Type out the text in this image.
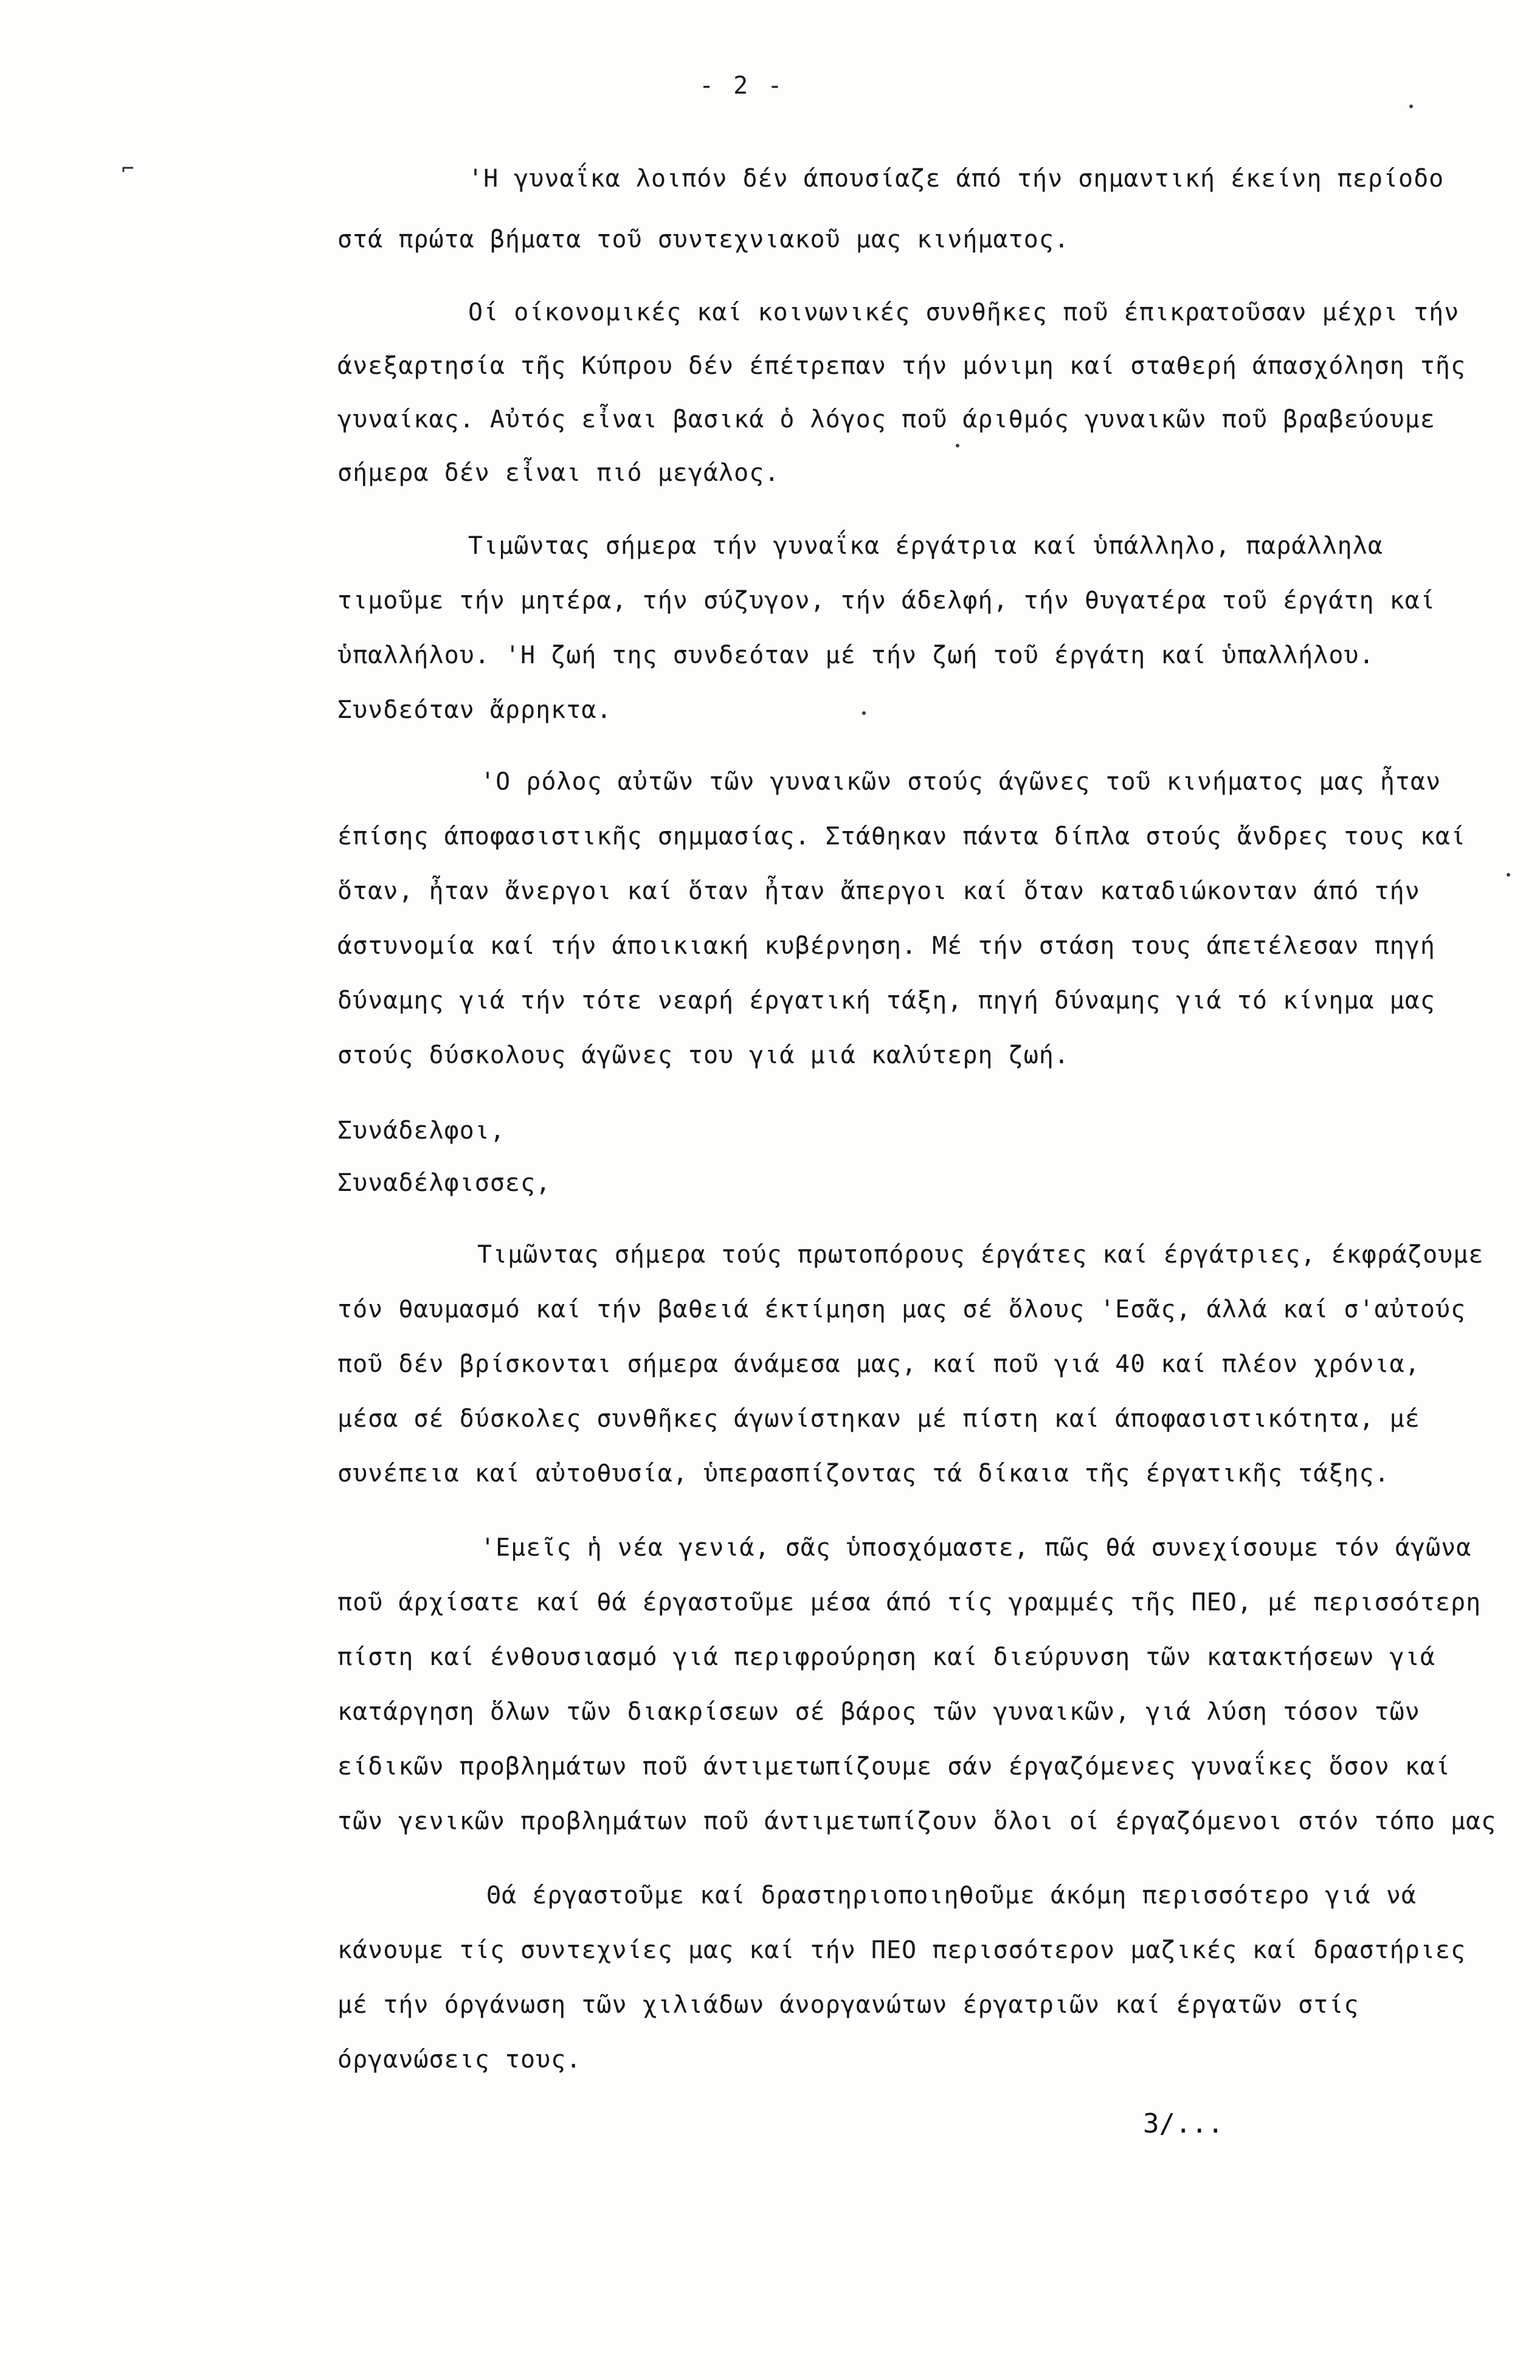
- 2 -
'Η γυναΐκα λοιπόν δέν άπουσίαζε άπό τήν σημαντική έκείνη περίοδο
στά πρώτα βήματα τοῦ συντεχνιακοῦ μας κινήματος.
Οί οίκονομικές καί κοινωνικές συνθῆκες ποῦ έπικρατοῦσαν μέχρι τήν
άνεξαρτησία τῆς Κύπρου δέν έπέτρεπαν τήν μόνιμη καί σταθερή άπασχόληση τῆς
γυναίκας. Αὐτός εἶναι βασικά ὁ λόγος ποῦ άριθμός γυναικῶν ποῦ βραβεύουμε
σήμερα δέν εἶναι πιό μεγάλος.
Τιμῶντας σήμερα τήν γυναΐκα έργάτρια καί ὑπάλληλο, παράλληλα
τιμοῦμε τήν μητέρα, τήν σύζυγον, τήν άδελφή, τήν θυγατέρα τοῦ έργάτη καί
ὑπαλλήλου. 'Η ζωή της συνδεόταν μέ τήν ζωή τοῦ έργάτη καί ὑπαλλήλου.
Συνδεόταν ἄρρηκτα.
'Ο ρόλος αὐτῶν τῶν γυναικῶν στούς άγῶνες τοῦ κινήματος μας ἦταν
έπίσης άποφασιστικῆς σημμασίας. Στάθηκαν πάντα δίπλα στούς ἄνδρες τους καί
ὅταν, ἦταν ἄνεργοι καί ὅταν ἦταν ἄπεργοι καί ὅταν καταδιώκονταν άπό τήν
άστυνομία καί τήν άποικιακή κυβέρνηση. Μέ τήν στάση τους άπετέλεσαν πηγή
δύναμης γιά τήν τότε νεαρή έργατική τάξη, πηγή δύναμης γιά τό κίνημα μας
στούς δύσκολους άγῶνες του γιά μιά καλύτερη ζωή.
Συνάδελφοι,
Συναδέλφισσες,
Τιμῶντας σήμερα τούς πρωτοπόρους έργάτες καί έργάτριες, έκφράζουμε
τόν θαυμασμό καί τήν βαθειά έκτίμηση μας σέ ὅλους 'Εσᾶς, άλλά καί σ'αὐτούς
ποῦ δέν βρίσκονται σήμερα άνάμεσα μας, καί ποῦ γιά 40 καί πλέον χρόνια,
μέσα σέ δύσκολες συνθῆκες άγωνίστηκαν μέ πίστη καί άποφασιστικότητα, μέ
συνέπεια καί αὐτοθυσία, ὑπερασπίζοντας τά δίκαια τῆς έργατικῆς τάξης.
'Εμεῖς ἡ νέα γενιά, σᾶς ὑποσχόμαστε, πῶς θά συνεχίσουμε τόν άγῶνα
ποῦ άρχίσατε καί θά έργαστοῦμε μέσα άπό τίς γραμμές τῆς ΠΕΟ, μέ περισσότερη
πίστη καί ένθουσιασμό γιά περιφρούρηση καί διεύρυνση τῶν κατακτήσεων γιά
κατάργηση ὅλων τῶν διακρίσεων σέ βάρος τῶν γυναικῶν, γιά λύση τόσον τῶν
είδικῶν προβλημάτων ποῦ άντιμετωπίζουμε σάν έργαζόμενες γυναΐκες ὅσον καί
τῶν γενικῶν προβλημάτων ποῦ άντιμετωπίζουν ὅλοι οί έργαζόμενοι στόν τόπο μας
Θά έργαστοῦμε καί δραστηριοποιηθοῦμε άκόμη περισσότερο γιά νά
κάνουμε τίς συντεχνίες μας καί τήν ΠΕΟ περισσότερον μαζικές καί δραστήριες
μέ τήν όργάνωση τῶν χιλιάδων άνοργανώτων έργατριῶν καί έργατῶν στίς
όργανώσεις τους.
3/...
⌐
